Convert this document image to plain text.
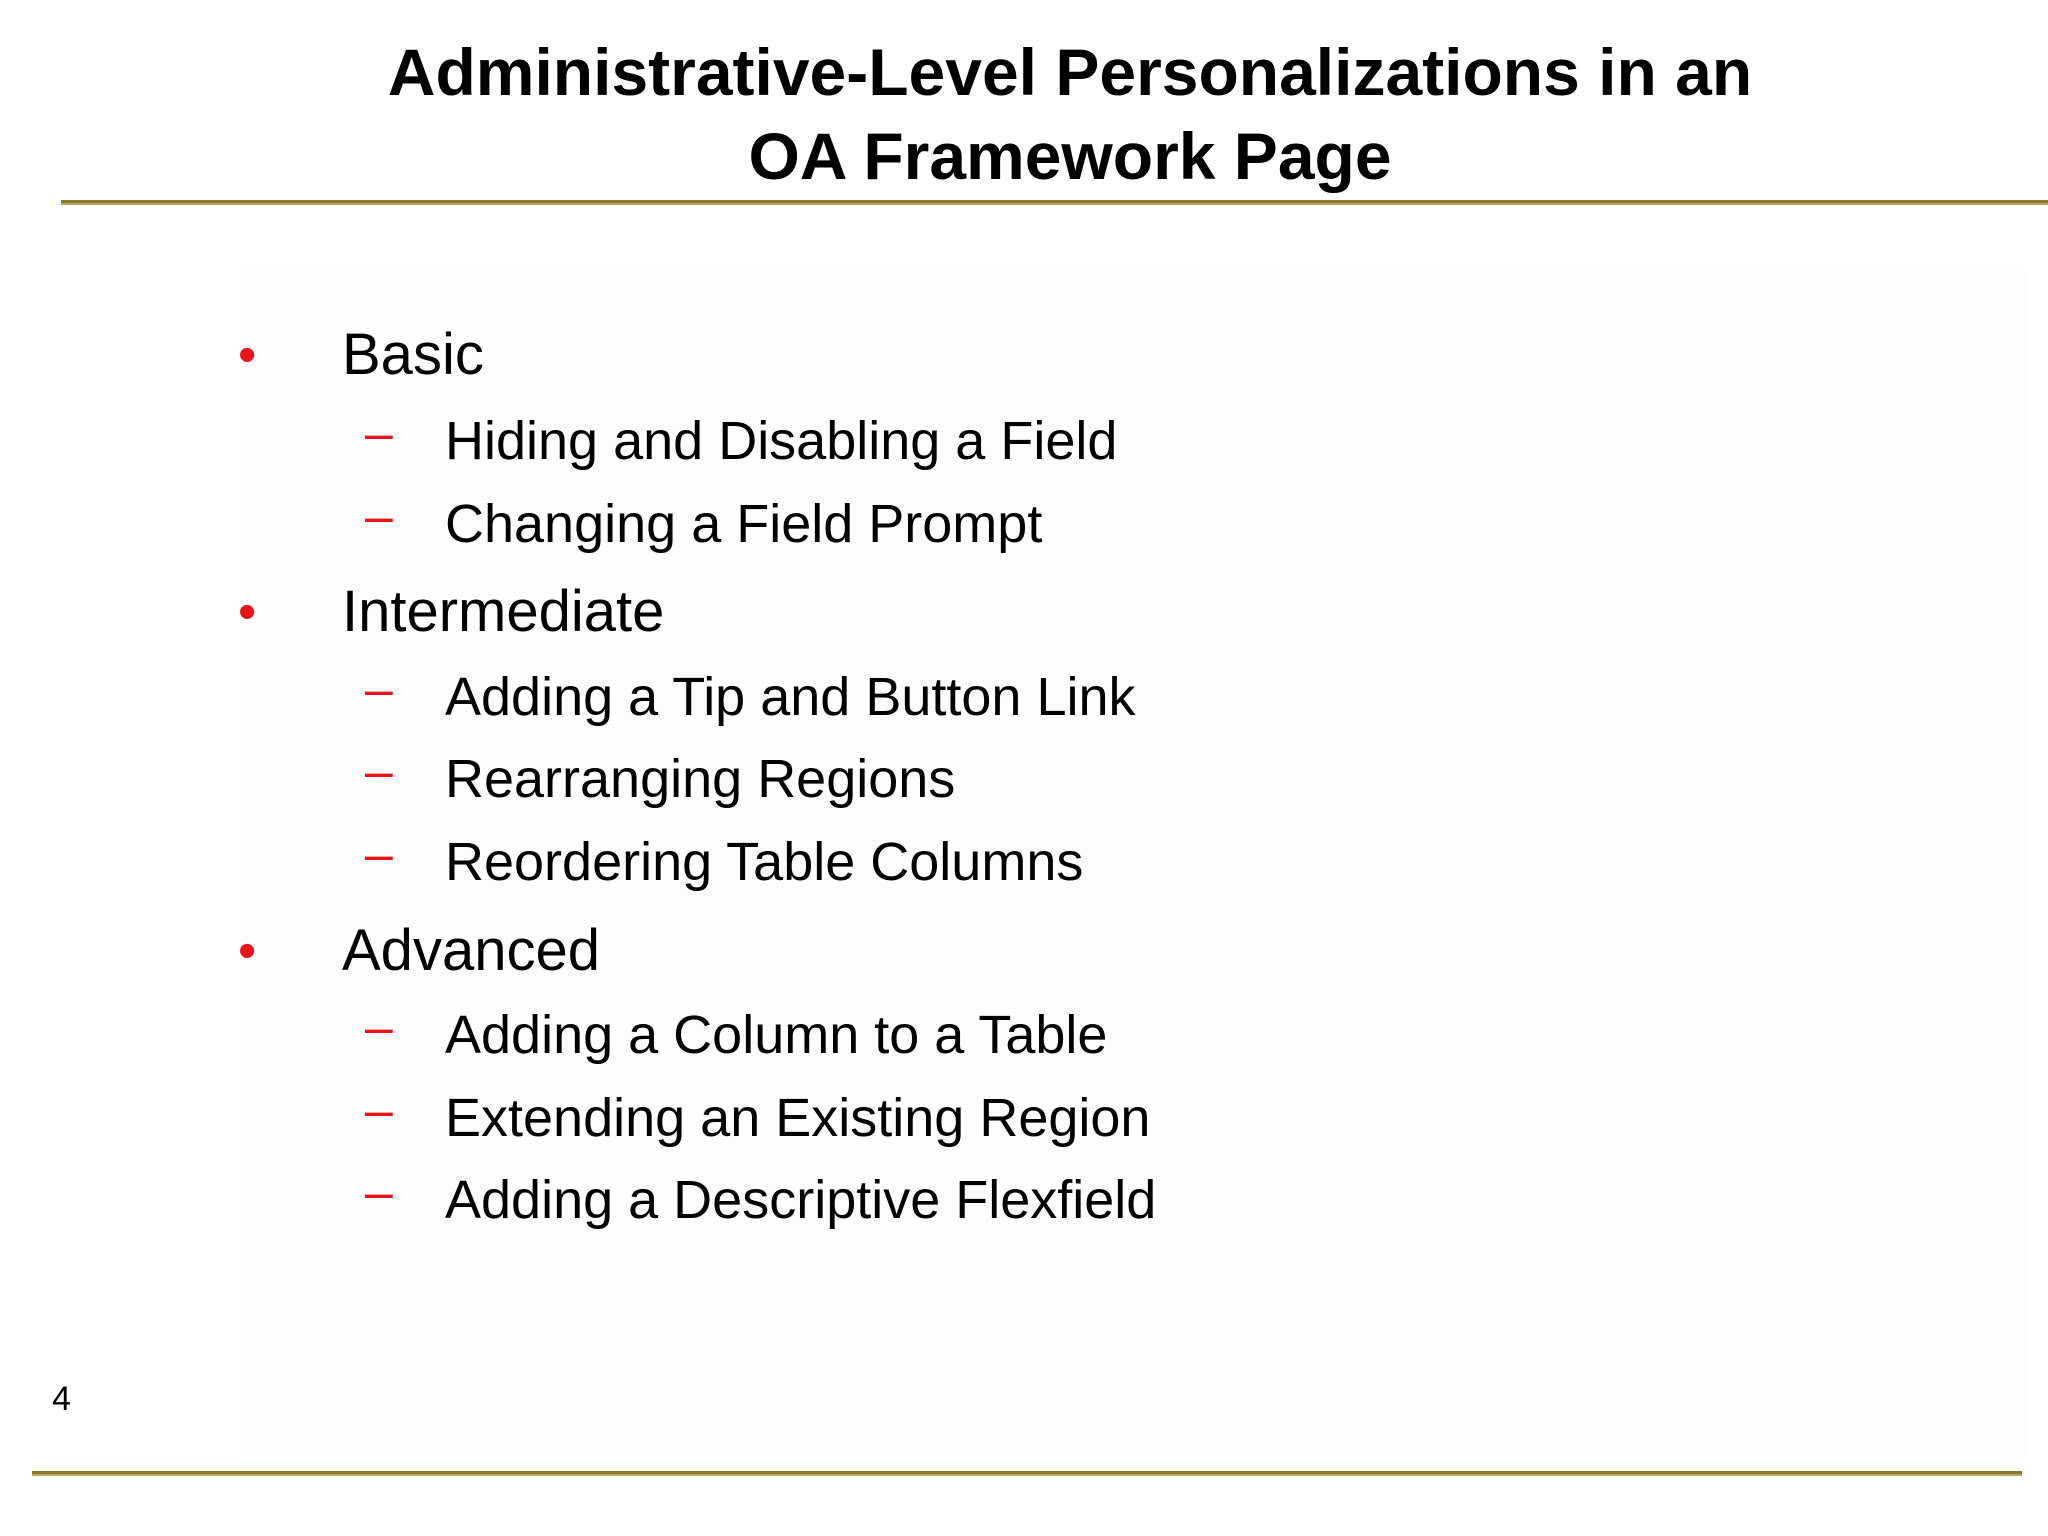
Administrative-Level Personalizations in an
OA Framework Page
• Basic
– Hiding and Disabling a Field
– Changing a Field Prompt
• Intermediate
– Adding a Tip and Button Link
– Rearranging Regions
– Reordering Table Columns
• Advanced
– Adding a Column to a Table
– Extending an Existing Region
– Adding a Descriptive Flexfield
4
